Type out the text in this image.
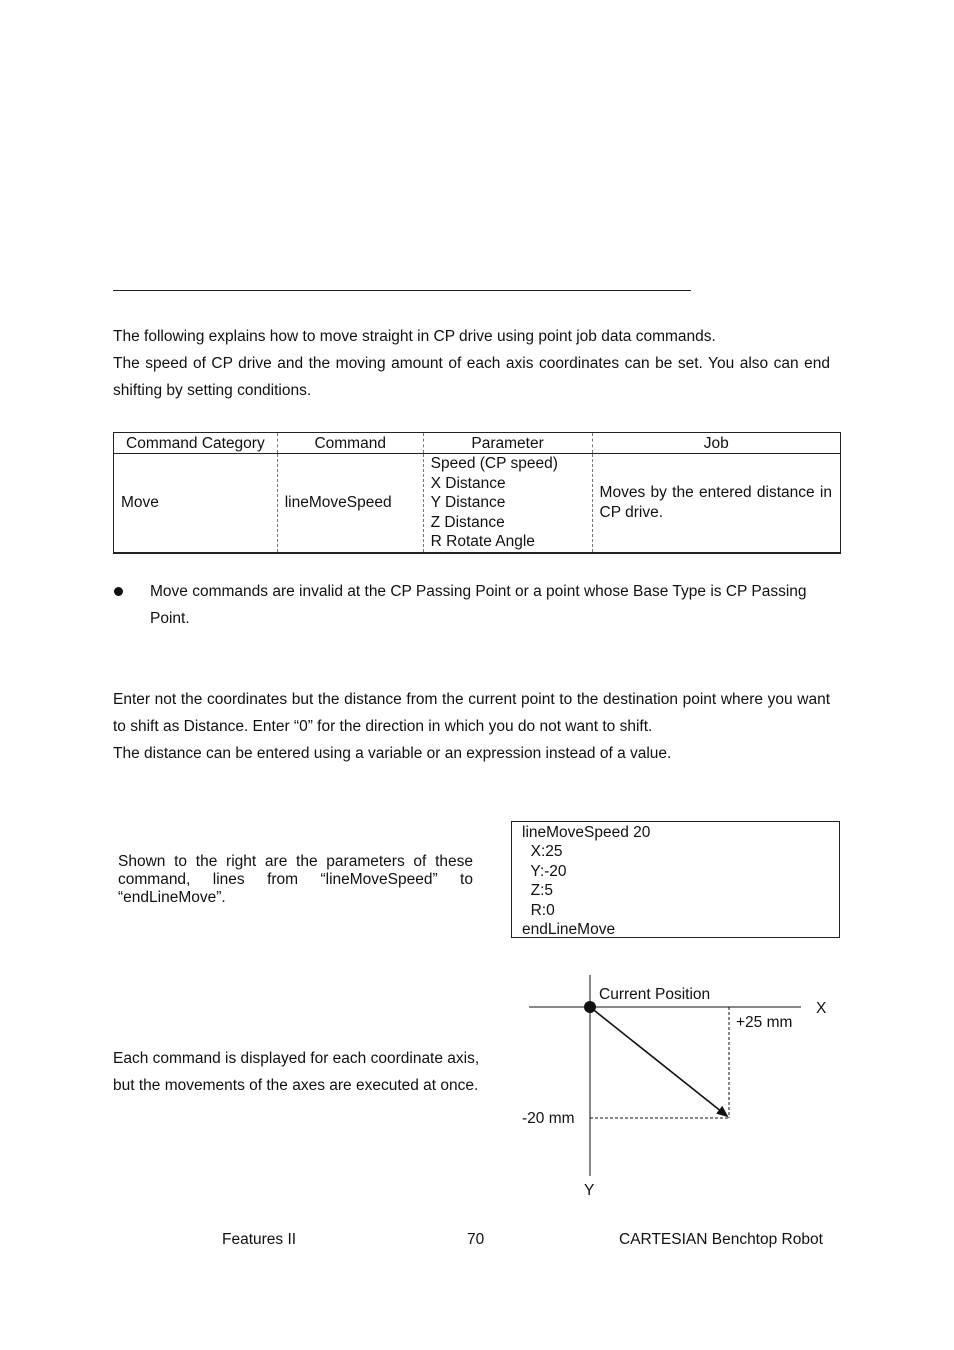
The following explains how to move straight in CP drive using point job data commands.

The speed of CP drive and the moving amount of each axis coordinates can be set. You also can end shifting by setting conditions.

Command Category	Command	Parameter	Job
Move	lineMoveSpeed	Speed (CP speed)
X Distance
Y Distance
Z Distance
R Rotate Angle	Moves by the entered distance in CP drive.

Move commands are invalid at the CP Passing Point or a point whose Base Type is CP Passing Point.

Enter not the coordinates but the distance from the current point to the destination point where you want to shift as Distance. Enter “0” for the direction in which you do not want to shift.

The distance can be entered using a variable or an expression instead of a value.

Shown to the right are the parameters of these command, lines from “lineMoveSpeed” to “endLineMove”.

lineMoveSpeed 20
X:25
Y:-20
Z:5
R:0
endLineMove

Each command is displayed for each coordinate axis,

but the movements of the axes are executed at once.

Current Position
X
+25 mm
-20 mm
Y
Features II	70	CARTESIAN Benchtop Robot
